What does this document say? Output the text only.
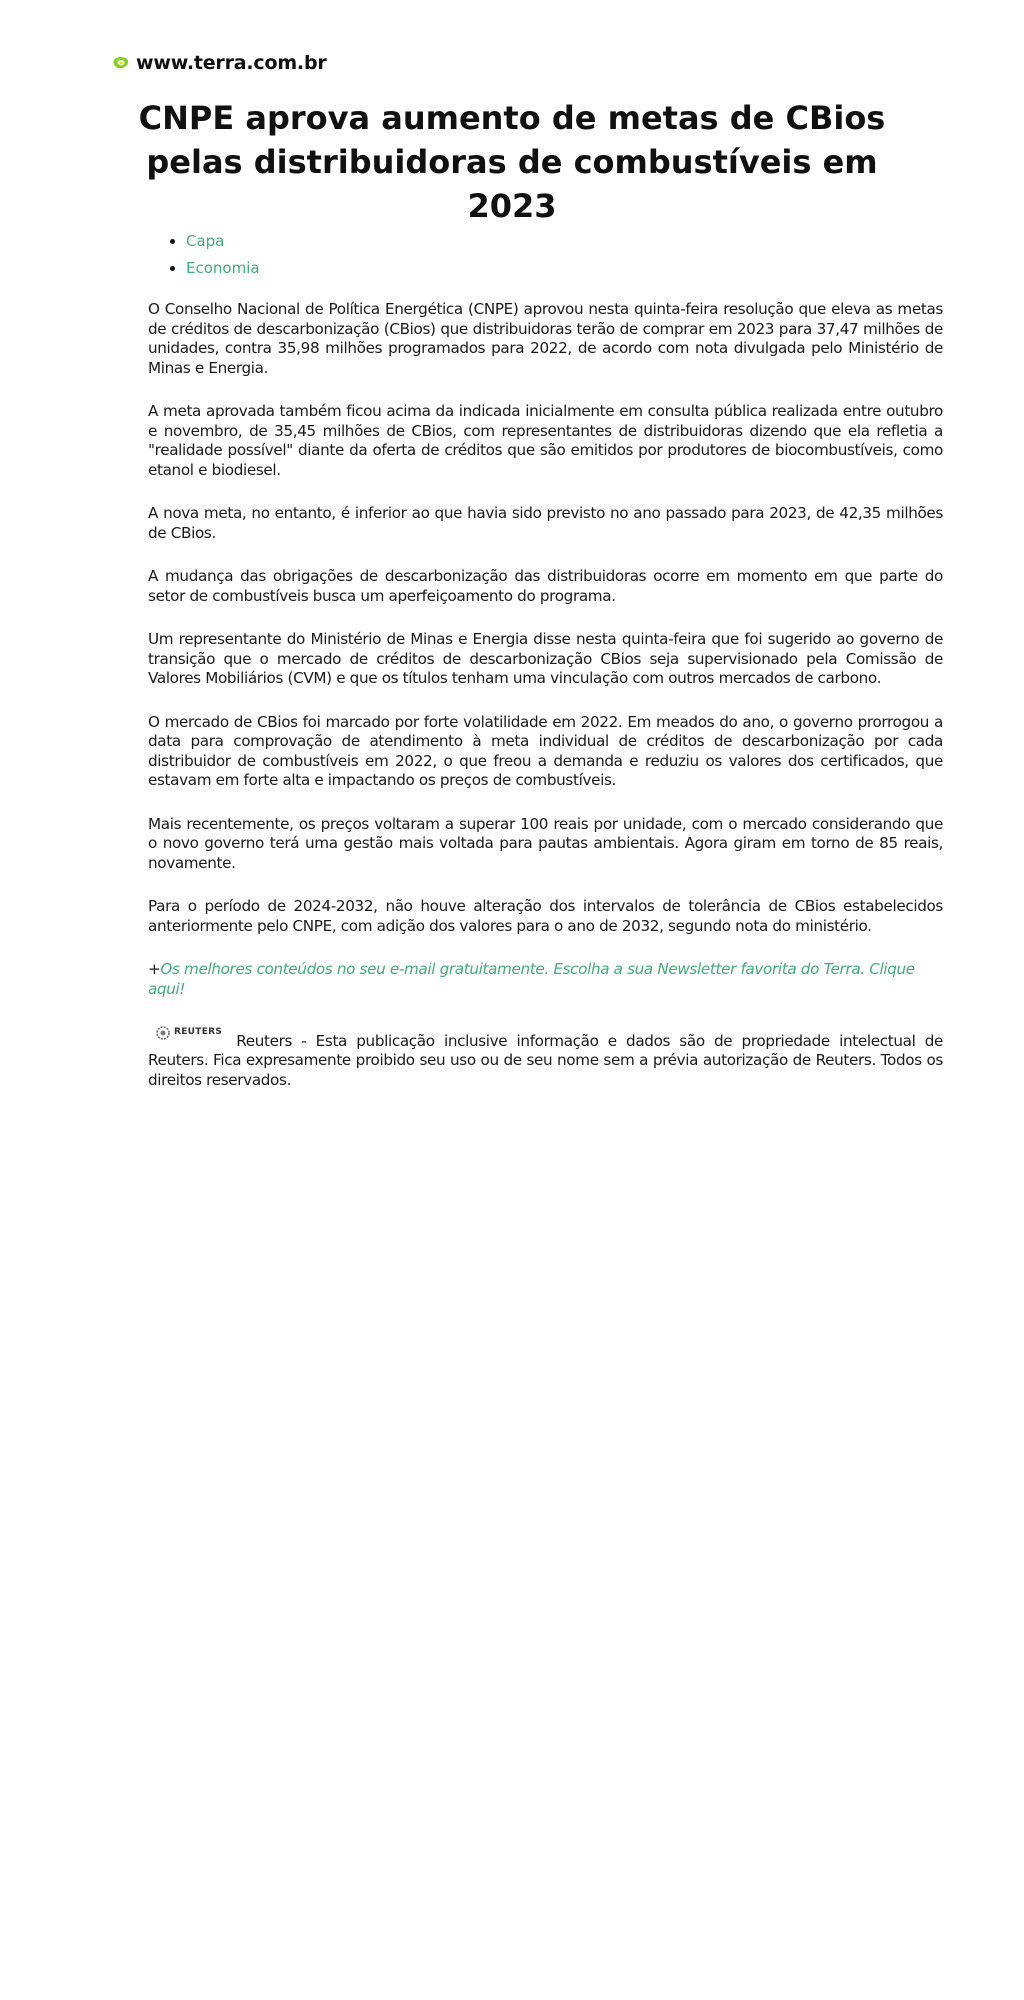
www.terra.com.br
CNPE aprova aumento de metas de CBios pelas distribuidoras de combustíveis em 2023
• Capa
• Economia

O Conselho Nacional de Política Energética (CNPE) aprovou nesta quinta-feira resolução que eleva as metas de créditos de descarbonização (CBios) que distribuidoras terão de comprar em 2023 para 37,47 milhões de unidades, contra 35,98 milhões programados para 2022, de acordo com nota divulgada pelo Ministério de Minas e Energia.

A meta aprovada também ficou acima da indicada inicialmente em consulta pública realizada entre outubro e novembro, de 35,45 milhões de CBios, com representantes de distribuidoras dizendo que ela refletia a "realidade possível" diante da oferta de créditos que são emitidos por produtores de biocombustíveis, como etanol e biodiesel.

A nova meta, no entanto, é inferior ao que havia sido previsto no ano passado para 2023, de 42,35 milhões de CBios.

A mudança das obrigações de descarbonização das distribuidoras ocorre em momento em que parte do setor de combustíveis busca um aperfeiçoamento do programa.

Um representante do Ministério de Minas e Energia disse nesta quinta-feira que foi sugerido ao governo de transição que o mercado de créditos de descarbonização CBios seja supervisionado pela Comissão de Valores Mobiliários (CVM) e que os títulos tenham uma vinculação com outros mercados de carbono.

O mercado de CBios foi marcado por forte volatilidade em 2022. Em meados do ano, o governo prorrogou a data para comprovação de atendimento à meta individual de créditos de descarbonização por cada distribuidor de combustíveis em 2022, o que freou a demanda e reduziu os valores dos certificados, que estavam em forte alta e impactando os preços de combustíveis.

Mais recentemente, os preços voltaram a superar 100 reais por unidade, com o mercado considerando que o novo governo terá uma gestão mais voltada para pautas ambientais. Agora giram em torno de 85 reais, novamente.

Para o período de 2024-2032, não houve alteração dos intervalos de tolerância de CBios estabelecidos anteriormente pelo CNPE, com adição dos valores para o ano de 2032, segundo nota do ministério.

+Os melhores conteúdos no seu e-mail gratuitamente. Escolha a sua Newsletter favorita do Terra. Clique aqui!
REUTERS Reuters - Esta publicação inclusive informação e dados são de propriedade intelectual de Reuters. Fica expresamente proibido seu uso ou de seu nome sem a prévia autorização de Reuters. Todos os direitos reservados.
